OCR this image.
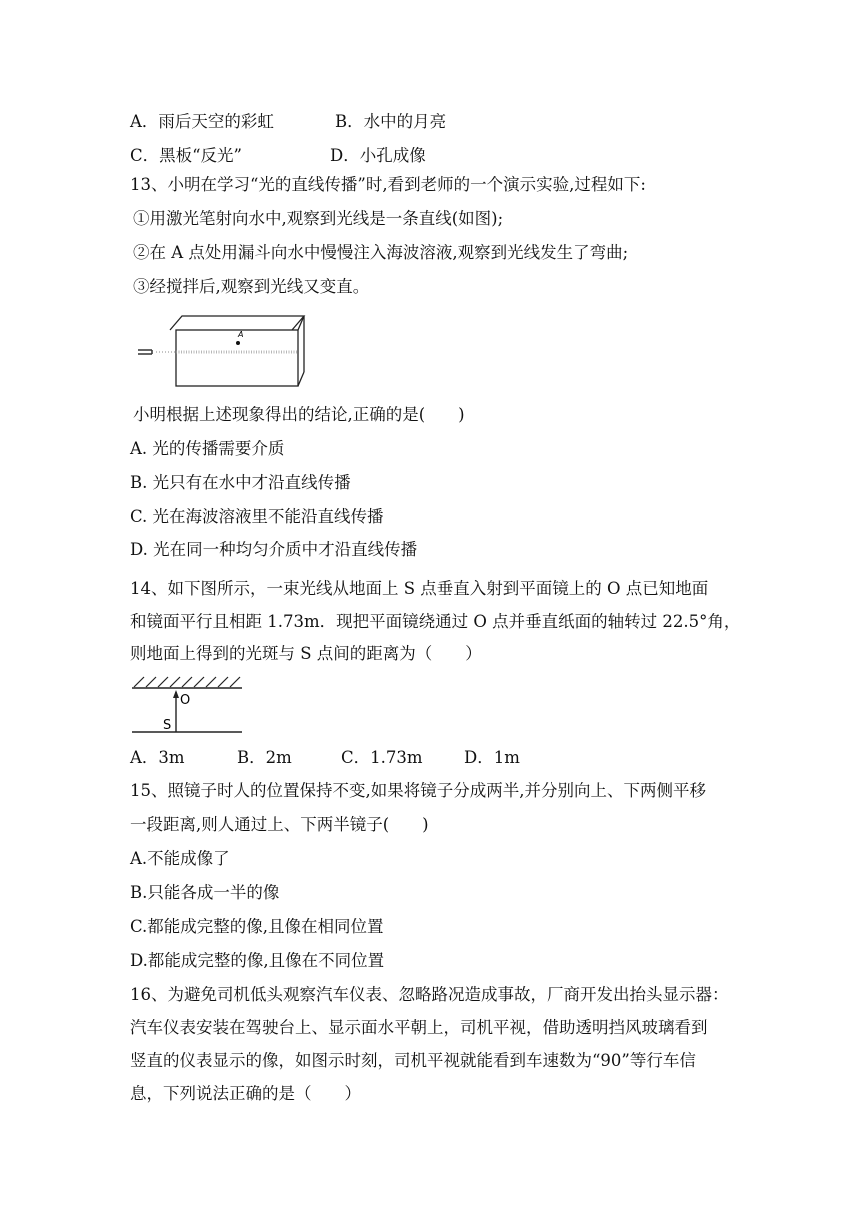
A．雨后天空的彩虹	B．水中的月亮
C．黑板“反光”	D．小孔成像
13、小明在学习“光的直线传播”时,看到老师的一个演示实验,过程如下:
①用激光笔射向水中,观察到光线是一条直线(如图);
②在 A 点处用漏斗向水中慢慢注入海波溶液,观察到光线发生了弯曲;
③经搅拌后,观察到光线又变直。
A
小明根据上述现象得出的结论,正确的是(　　)
A. 光的传播需要介质
B. 光只有在水中才沿直线传播
C. 光在海波溶液里不能沿直线传播
D. 光在同一种均匀介质中才沿直线传播
14、如下图所示，一束光线从地面上 S 点垂直入射到平面镜上的 O 点已知地面
和镜面平行且相距 1.73m．现把平面镜绕通过 O 点并垂直纸面的轴转过 22.5°角，
则地面上得到的光斑与 S 点间的距离为（　　）
O
S
A．3m	B．2m	C．1.73m	D．1m
15、照镜子时人的位置保持不变,如果将镜子分成两半,并分别向上、下两侧平移
一段距离,则人通过上、下两半镜子(　　)
A.不能成像了
B.只能各成一半的像
C.都能成完整的像,且像在相同位置
D.都能成完整的像,且像在不同位置
16、为避免司机低头观察汽车仪表、忽略路况造成事故，厂商开发出抬头显示器：
汽车仪表安装在驾驶台上、显示面水平朝上，司机平视，借助透明挡风玻璃看到
竖直的仪表显示的像，如图示时刻，司机平视就能看到车速数为“90”等行车信
息，下列说法正确的是（　　）
